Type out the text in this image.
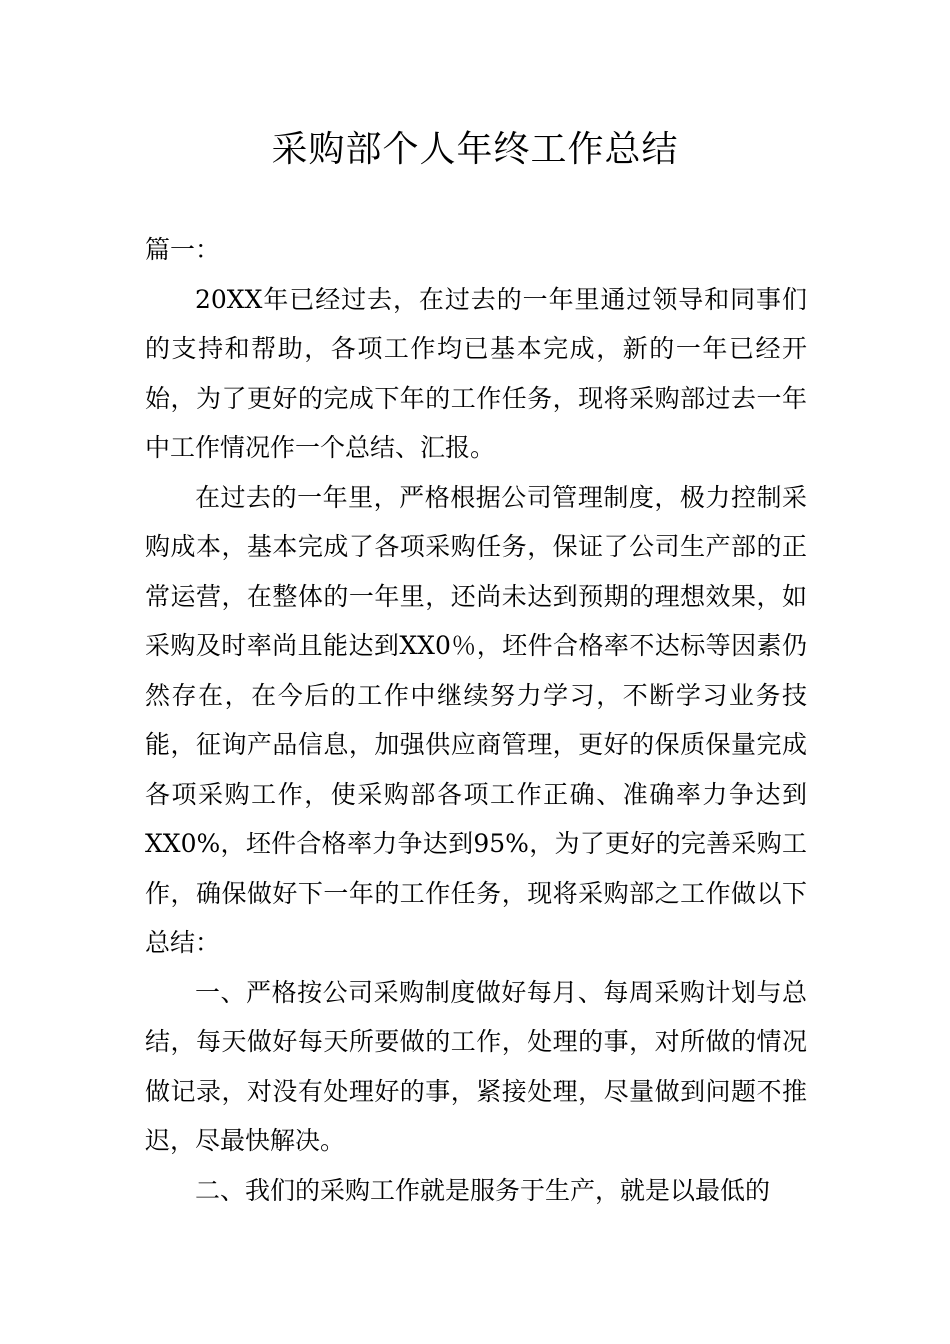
采购部个人年终工作总结

篇一：

20XX年已经过去，在过去的一年里通过领导和同事们的支持和帮助，各项工作均已基本完成，新的一年已经开始，为了更好的完成下年的工作任务，现将采购部过去一年中工作情况作一个总结、汇报。

在过去的一年里，严格根据公司管理制度，极力控制采购成本，基本完成了各项采购任务，保证了公司生产部的正常运营，在整体的一年里，还尚未达到预期的理想效果，如采购及时率尚且能达到XX0％，坯件合格率不达标等因素仍然存在，在今后的工作中继续努力学习，不断学习业务技能，征询产品信息，加强供应商管理，更好的保质保量完成各项采购工作，使采购部各项工作正确、准确率力争达到XX0%，坯件合格率力争达到95%，为了更好的完善采购工作，确保做好下一年的工作任务，现将采购部之工作做以下总结：

一、严格按公司采购制度做好每月、每周采购计划与总结，每天做好每天所要做的工作，处理的事，对所做的情况做记录，对没有处理好的事，紧接处理，尽量做到问题不推迟，尽最快解决。

二、我们的采购工作就是服务于生产，就是以最低的
